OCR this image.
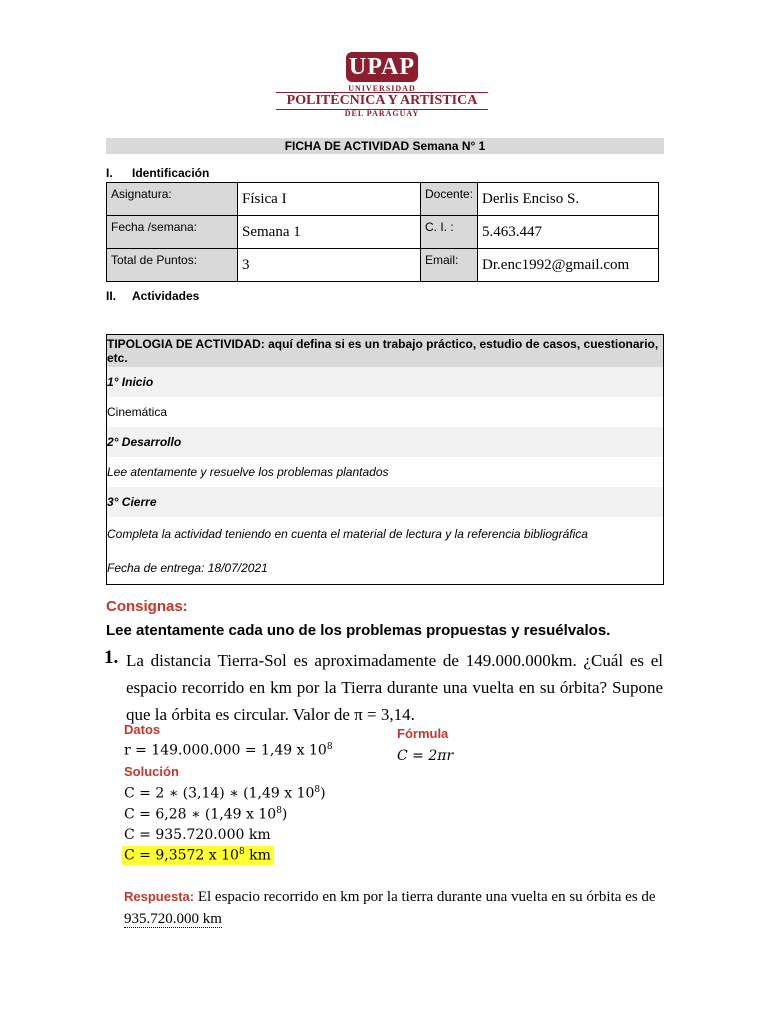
UPAP
UNIVERSIDAD
POLITÉCNICA Y ARTÍSTICA
DEL PARAGUAY
FICHA DE ACTIVIDAD Semana N° 1
I. Identificación
Asignatura:	Física I	Docente:	Derlis Enciso S.
Fecha /semana:	Semana 1	C. I. :	5.463.447
Total de Puntos:	3	Email:	Dr.enc1992@gmail.com
II. Actividades
TIPOLOGIA DE ACTIVIDAD: aquí defina si es un trabajo práctico, estudio de casos, cuestionario, etc.
1° Inicio
Cinemática
2° Desarrollo
Lee atentamente y resuelve los problemas plantados
3° Cierre
Completa la actividad teniendo en cuenta el material de lectura y la referencia bibliográfica
Fecha de entrega: 18/07/2021
Consignas:
Lee atentamente cada uno de los problemas propuestas y resuélvalos.
1. La distancia Tierra-Sol es aproximadamente de 149.000.000km. ¿Cuál es el espacio recorrido en km por la Tierra durante una vuelta en su órbita? Supone que la órbita es circular. Valor de π = 3,14.
Datos
r = 149.000.000 = 1,49 x $10^8$
Fórmula
C = 2πr
Solución
C = 2 ∗ (3,14) ∗ (1,49 x $10^8$)
C = 6,28 ∗ (1,49 x $10^8$)
C = 935.720.000 km
C = 9,3572 x $10^8$ km
Respuesta: El espacio recorrido en km por la tierra durante una vuelta en su órbita es de 935.720.000 km
